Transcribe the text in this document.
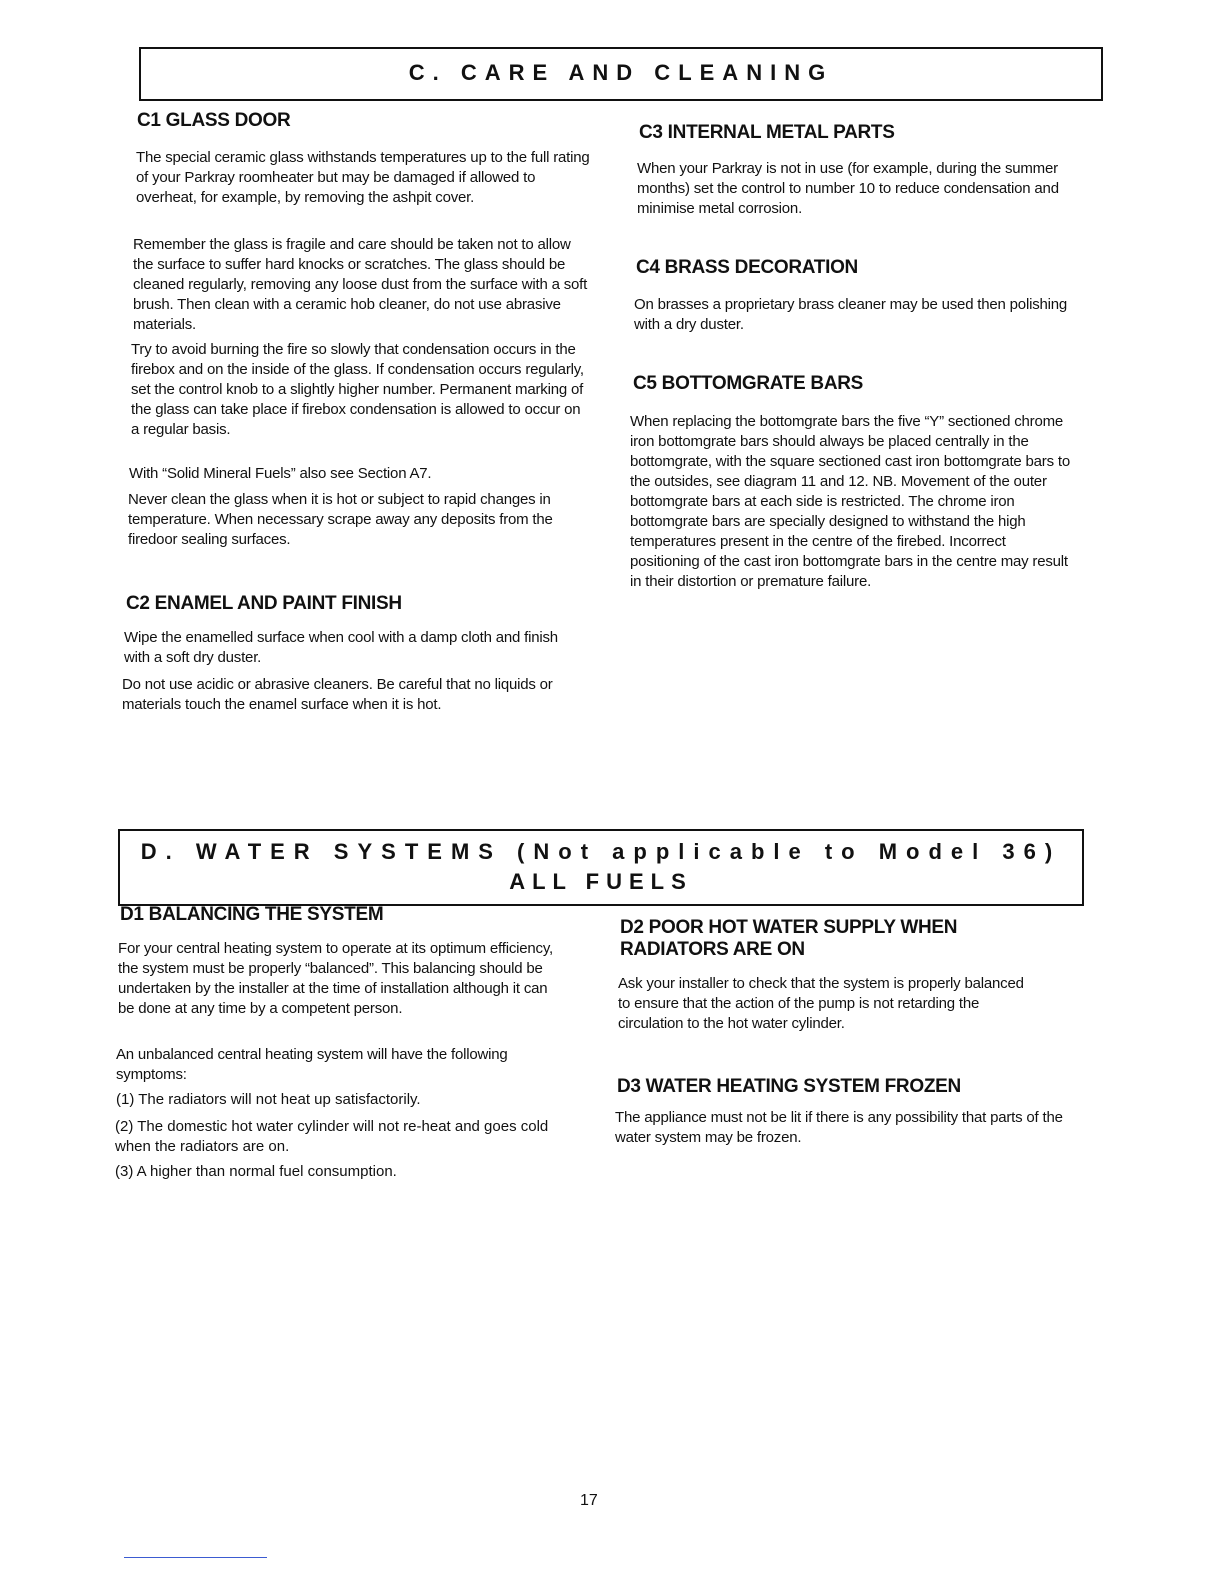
C. CARE AND CLEANING
C1 GLASS DOOR

The special ceramic glass withstands temperatures up to the full rating of your Parkray roomheater but may be damaged if allowed to overheat, for example, by removing the ashpit cover.

Remember the glass is fragile and care should be taken not to allow the surface to suffer hard knocks or scratches. The glass should be cleaned regularly, removing any loose dust from the surface with a soft brush. Then clean with a ceramic hob cleaner, do not use abrasive materials.

Try to avoid burning the fire so slowly that condensation occurs in the firebox and on the inside of the glass. If condensation occurs regularly, set the control knob to a slightly higher number. Permanent marking of the glass can take place if firebox condensation is allowed to occur on a regular basis.

With “Solid Mineral Fuels” also see Section A7.

Never clean the glass when it is hot or subject to rapid changes in temperature. When necessary scrape away any deposits from the firedoor sealing surfaces.

C2 ENAMEL AND PAINT FINISH

Wipe the enamelled surface when cool with a damp cloth and finish with a soft dry duster.

Do not use acidic or abrasive cleaners. Be careful that no liquids or materials touch the enamel surface when it is hot.

C3 INTERNAL METAL PARTS

When your Parkray is not in use (for example, during the summer months) set the control to number 10 to reduce condensation and minimise metal corrosion.

C4 BRASS DECORATION

On brasses a proprietary brass cleaner may be used then polishing with a dry duster.

C5 BOTTOMGRATE BARS

When replacing the bottomgrate bars the five “Y” sectioned chrome iron bottomgrate bars should always be placed centrally in the bottomgrate, with the square sectioned cast iron bottomgrate bars to the outsides, see diagram 11 and 12. NB. Movement of the outer bottomgrate bars at each side is restricted. The chrome iron bottomgrate bars are specially designed to withstand the high temperatures present in the centre of the firebed. Incorrect positioning of the cast iron bottomgrate bars in the centre may result in their distortion or premature failure.

D. WATER SYSTEMS (Not applicable to Model 36)
ALL FUELS
D1 BALANCING THE SYSTEM

For your central heating system to operate at its optimum efficiency, the system must be properly “balanced”. This balancing should be undertaken by the installer at the time of installation although it can be done at any time by a competent person.

An unbalanced central heating system will have the following symptoms:

(1) The radiators will not heat up satisfactorily.

(2) The domestic hot water cylinder will not re-heat and goes cold when the radiators are on.

(3) A higher than normal fuel consumption.

D2 POOR HOT WATER SUPPLY WHEN RADIATORS ARE ON

Ask your installer to check that the system is properly balanced to ensure that the action of the pump is not retarding the circulation to the hot water cylinder.

D3 WATER HEATING SYSTEM FROZEN

The appliance must not be lit if there is any possibility that parts of the water system may be frozen.

17
